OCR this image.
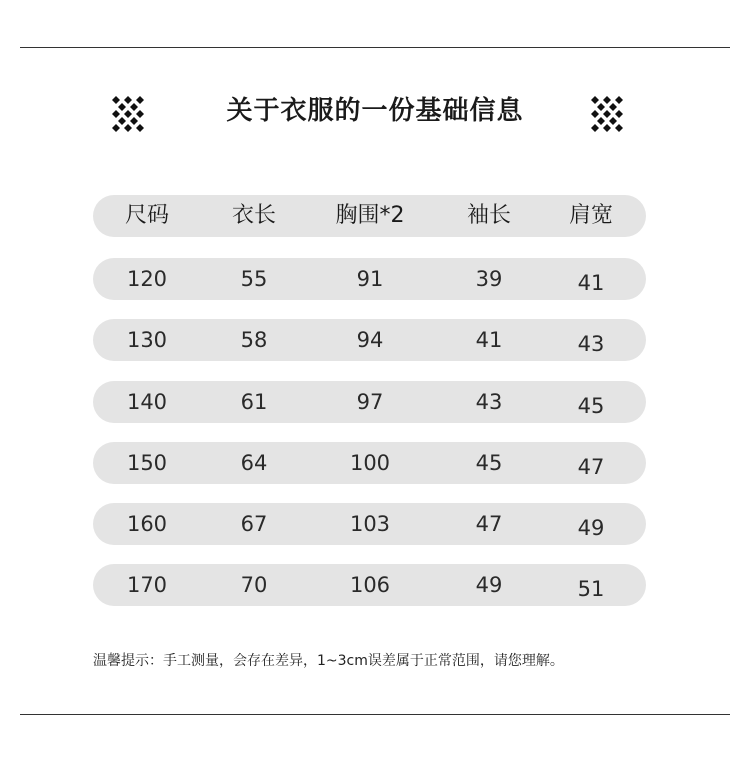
关于衣服的一份基础信息
尺码	衣长	胸围*2	袖长	肩宽
120	55	91	39	41
130	58	94	41	43
140	61	97	43	45
150	64	100	45	47
160	67	103	47	49
170	70	106	49	51
温馨提示：手工测量，会存在差异，1~3cm误差属于正常范围，请您理解。
